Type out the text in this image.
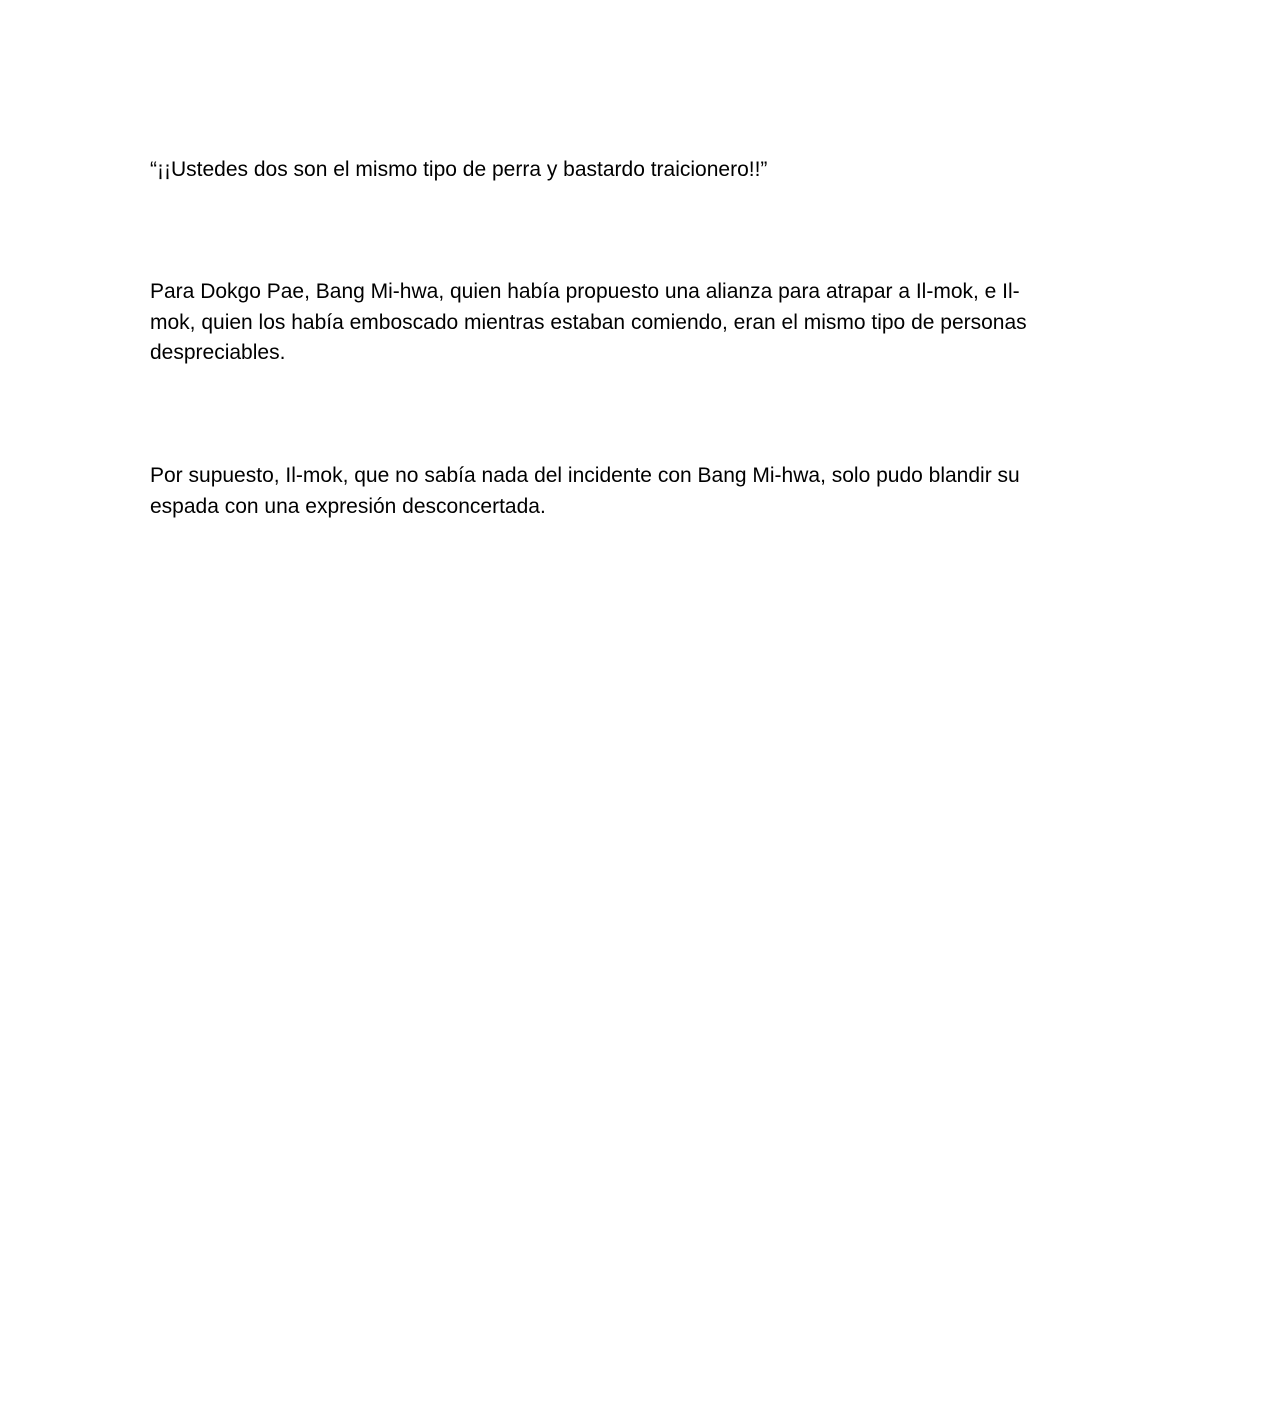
“¡¡Ustedes dos son el mismo tipo de perra y bastardo traicionero!!”

Para Dokgo Pae, Bang Mi-hwa, quien había propuesto una alianza para atrapar a Il-mok, e Il-
mok, quien los había emboscado mientras estaban comiendo, eran el mismo tipo de personas
despreciables.

Por supuesto, Il-mok, que no sabía nada del incidente con Bang Mi-hwa, solo pudo blandir su
espada con una expresión desconcertada.
